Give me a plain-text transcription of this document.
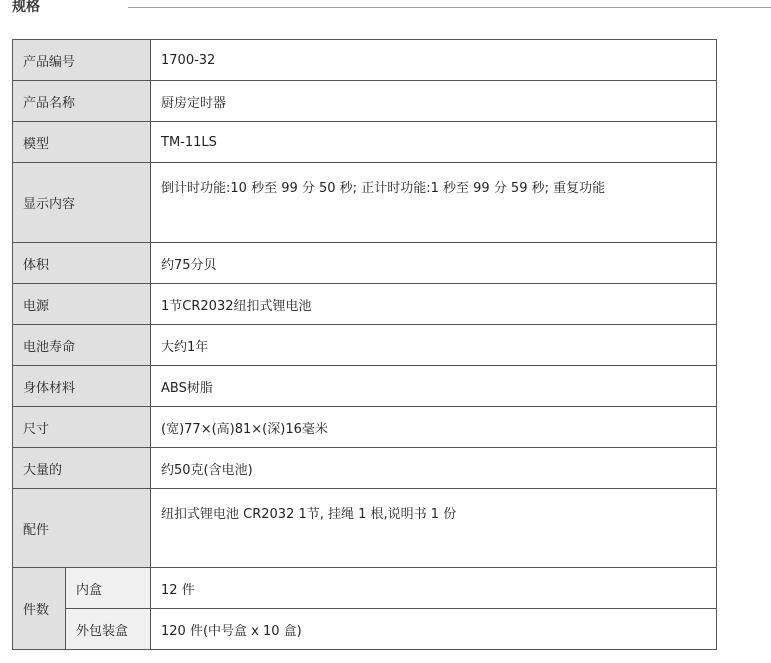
规格
产品编号		1700-32
产品名称		厨房定时器
模型		TM-11LS
显示内容		倒计时功能:10 秒至 99 分 50 秒; 正计时功能:1 秒至 99 分 59 秒; 重复功能
体积		约75分贝
电源		1节CR2032纽扣式锂电池
电池寿命		大约1年
身体材料		ABS树脂
尺寸		(宽)77×(高)81×(深)16毫米
大量的		约50克(含电池)
配件		纽扣式锂电池 CR2032 1节, 挂绳 1 根,说明书 1 份
件数	内盒	12 件
	外包装盒	120 件(中号盒 x 10 盒)
